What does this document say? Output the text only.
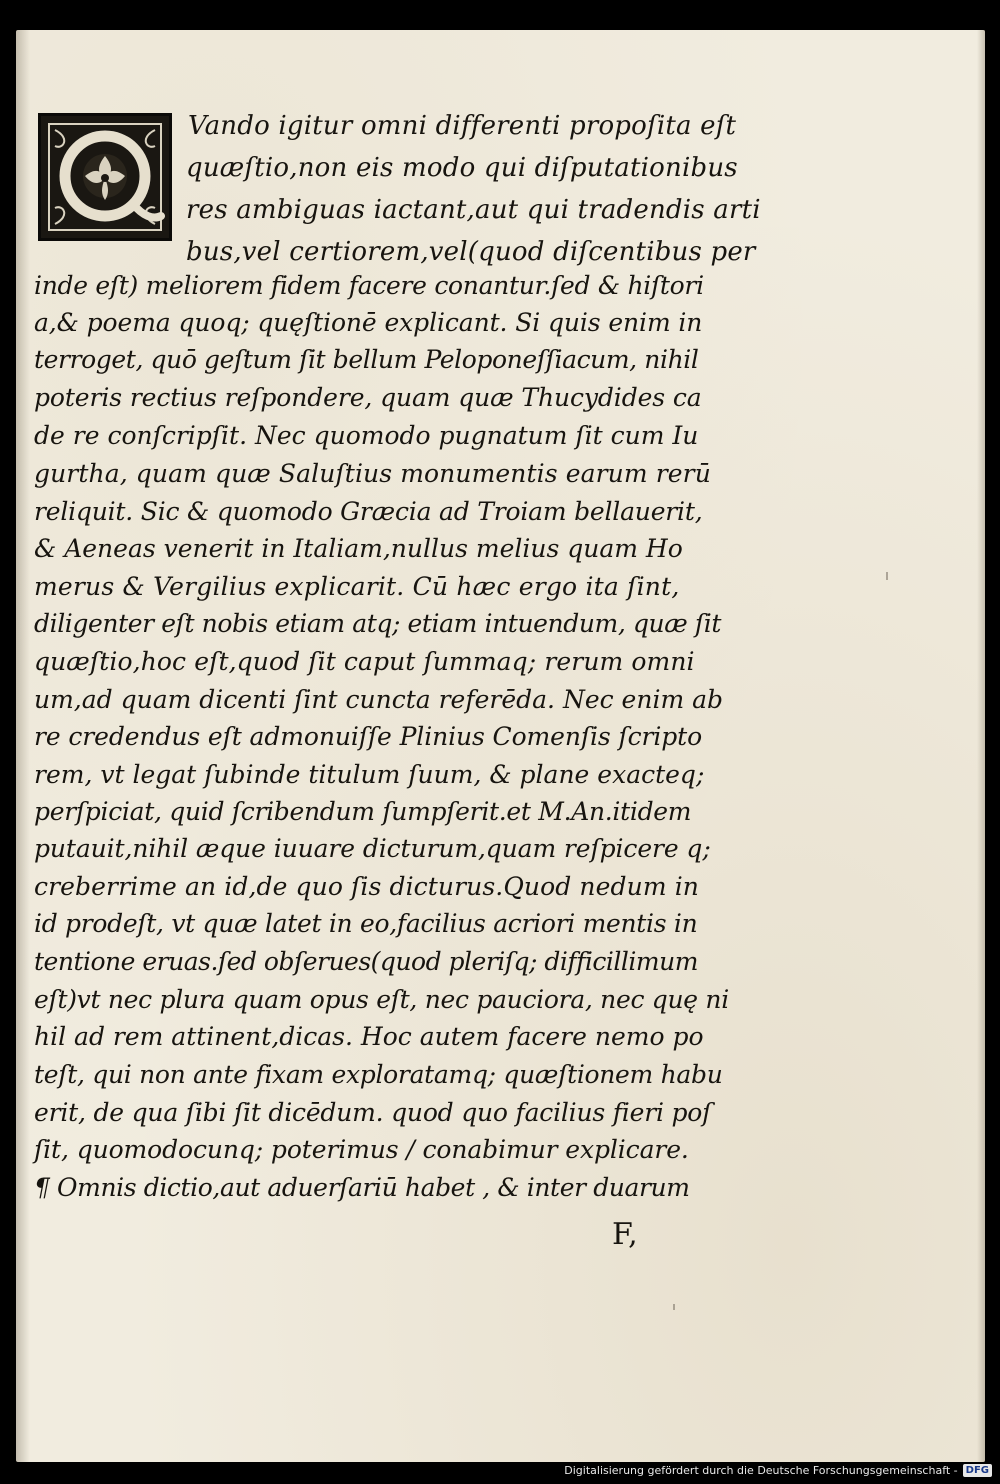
Vando igitur omni differenti propoſita eſt
quæſtio,non eis modo qui diſputationibus
res ambiguas iactant,aut qui tradendis arti
bus,vel certiorem,vel(quod diſcentibus per
inde eſt) meliorem fidem facere conantur.ſed & hiſtori
a,& poema quoq; quęſtionē explicant. Si quis enim in
terroget, quō geſtum ſit bellum Peloponeſſiacum, nihil
poteris rectius reſpondere, quam quæ Thucydides ca
de re conſcripſit. Nec quomodo pugnatum ſit cum Iu
gurtha, quam quæ Saluſtius monumentis earum rerū
reliquit. Sic & quomodo Græcia ad Troiam bellauerit,
& Aeneas venerit in Italiam,nullus melius quam Ho
merus & Vergilius explicarit. Cū hæc ergo ita ſint,
diligenter eſt nobis etiam atq; etiam intuendum, quæ ſit
quæſtio,hoc eſt,quod ſit caput ſummaq; rerum omni
um,ad quam dicenti ſint cuncta referēda. Nec enim ab
re credendus eſt admonuiſſe Plinius Comenſis ſcripto
rem, vt legat ſubinde titulum ſuum, & plane exacteq;
perſpiciat, quid ſcribendum ſumpſerit.et M.An.itidem
putauit,nihil æque iuuare dicturum,quam reſpicere q;
creberrime an id,de quo ſis dicturus.Quod nedum in
id prodeſt, vt quæ latet in eo,facilius acriori mentis in
tentione eruas.ſed obſerues(quod pleriſq; difficillimum
eſt)vt nec plura quam opus eſt, nec pauciora, nec quę ni
hil ad rem attinent,dicas. Hoc autem facere nemo po
teſt, qui non ante fixam exploratamq; quæſtionem habu
erit, de qua ſibi ſit dicēdum. quod quo facilius fieri poſ
ſit, quomodocunq; poterimus / conabimur explicare.
¶ Omnis dictio,aut aduerſariū habet , & inter duarum
F,
Digitalisierung gefördert durch die Deutsche Forschungsgemeinschaft - DFG
